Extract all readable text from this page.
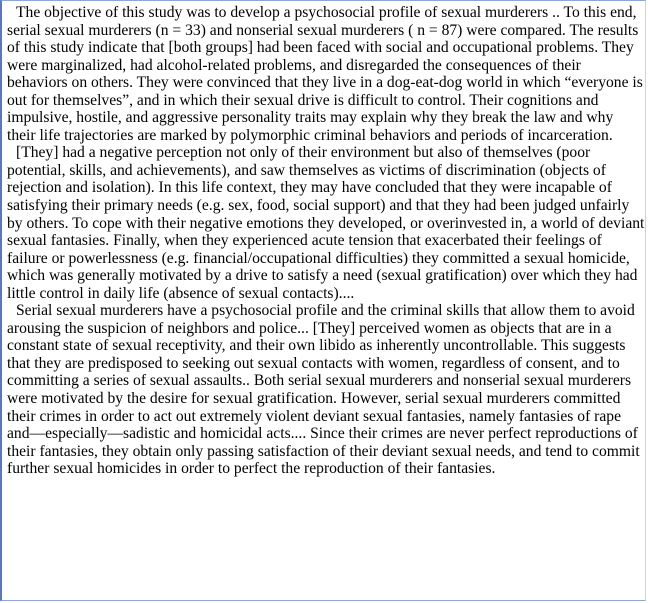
The objective of this study was to develop a psychosocial profile of sexual murderers .. To this end, serial sexual murderers (n = 33) and nonserial sexual murderers ( n = 87) were compared. The results of this study indicate that [both groups] had been faced with social and occupational problems. They were marginalized, had alcohol-related problems, and disregarded the consequences of their behaviors on others. They were convinced that they live in a dog-eat-dog world in which “everyone is out for themselves”, and in which their sexual drive is difficult to control. Their cognitions and impulsive, hostile, and aggressive personality traits may explain why they break the law and why their life trajectories are marked by polymorphic criminal behaviors and periods of incarceration.

[They] had a negative perception not only of their environment but also of themselves (poor potential, skills, and achievements), and saw themselves as victims of discrimination (objects of rejection and isolation). In this life context, they may have concluded that they were incapable of satisfying their primary needs (e.g. sex, food, social support) and that they had been judged unfairly by others. To cope with their negative emotions they developed, or overinvested in, a world of deviant sexual fantasies. Finally, when they experienced acute tension that exacerbated their feelings of failure or powerlessness (e.g. financial/occupational difficulties) they committed a sexual homicide, which was generally motivated by a drive to satisfy a need (sexual gratification) over which they had little control in daily life (absence of sexual contacts)....

Serial sexual murderers have a psychosocial profile and the criminal skills that allow them to avoid arousing the suspicion of neighbors and police... [They] perceived women as objects that are in a constant state of sexual receptivity, and their own libido as inherently uncontrollable. This suggests that they are predisposed to seeking out sexual contacts with women, regardless of consent, and to committing a series of sexual assaults.. Both serial sexual murderers and nonserial sexual murderers were motivated by the desire for sexual gratification. However, serial sexual murderers committed their crimes in order to act out extremely violent deviant sexual fantasies, namely fantasies of rape and—especially—sadistic and homicidal acts.... Since their crimes are never perfect reproductions of their fantasies, they obtain only passing satisfaction of their deviant sexual needs, and tend to commit further sexual homicides in order to perfect the reproduction of their fantasies.
